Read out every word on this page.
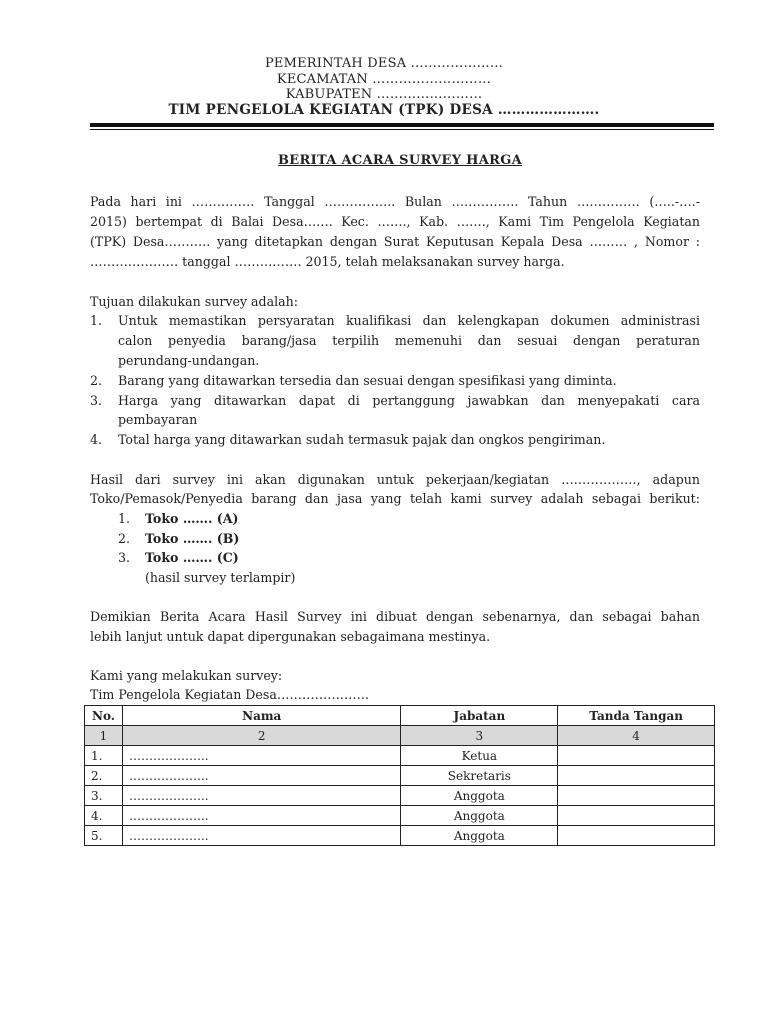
PEMERINTAH DESA …………………
KECAMATAN ………………………
KABUPATEN ……………………
TIM PENGELOLA KEGIATAN (TPK) DESA ………………….
BERITA ACARA SURVEY HARGA
Pada hari ini …………… Tanggal …………….. Bulan ……………. Tahun …………… (…..-….-
2015) bertempat di Balai Desa……. Kec. ……., Kab. ……., Kami Tim Pengelola Kegiatan
(TPK) Desa……….. yang ditetapkan dengan Surat Keputusan Kepala Desa ……… , Nomor :
………………… tanggal ……………. 2015, telah melaksanakan survey harga.
Tujuan dilakukan survey adalah:
1. Untuk memastikan persyaratan kualifikasi dan kelengkapan dokumen administrasi
calon penyedia barang/jasa terpilih memenuhi dan sesuai dengan peraturan
perundang-undangan.
2. Barang yang ditawarkan tersedia dan sesuai dengan spesifikasi yang diminta.
3. Harga yang ditawarkan dapat di pertanggung jawabkan dan menyepakati cara
pembayaran
4. Total harga yang ditawarkan sudah termasuk pajak dan ongkos pengiriman.
Hasil dari survey ini akan digunakan untuk pekerjaan/kegiatan ………………, adapun
Toko/Pemasok/Penyedia barang dan jasa yang telah kami survey adalah sebagai berikut:
1. Toko ……. (A)
2. Toko ……. (B)
3. Toko ……. (C)
(hasil survey terlampir)
Demikian Berita Acara Hasil Survey ini dibuat dengan sebenarnya, dan sebagai bahan
lebih lanjut untuk dapat dipergunakan sebagaimana mestinya.
Kami yang melakukan survey:
Tim Pengelola Kegiatan Desa………………….
No.	Nama	Jabatan	Tanda Tangan
1	2	3	4
1.	………………..	Ketua	
2.	………………..	Sekretaris	
3.	………………..	Anggota	
4.	………………..	Anggota	
5.	………………..	Anggota	
